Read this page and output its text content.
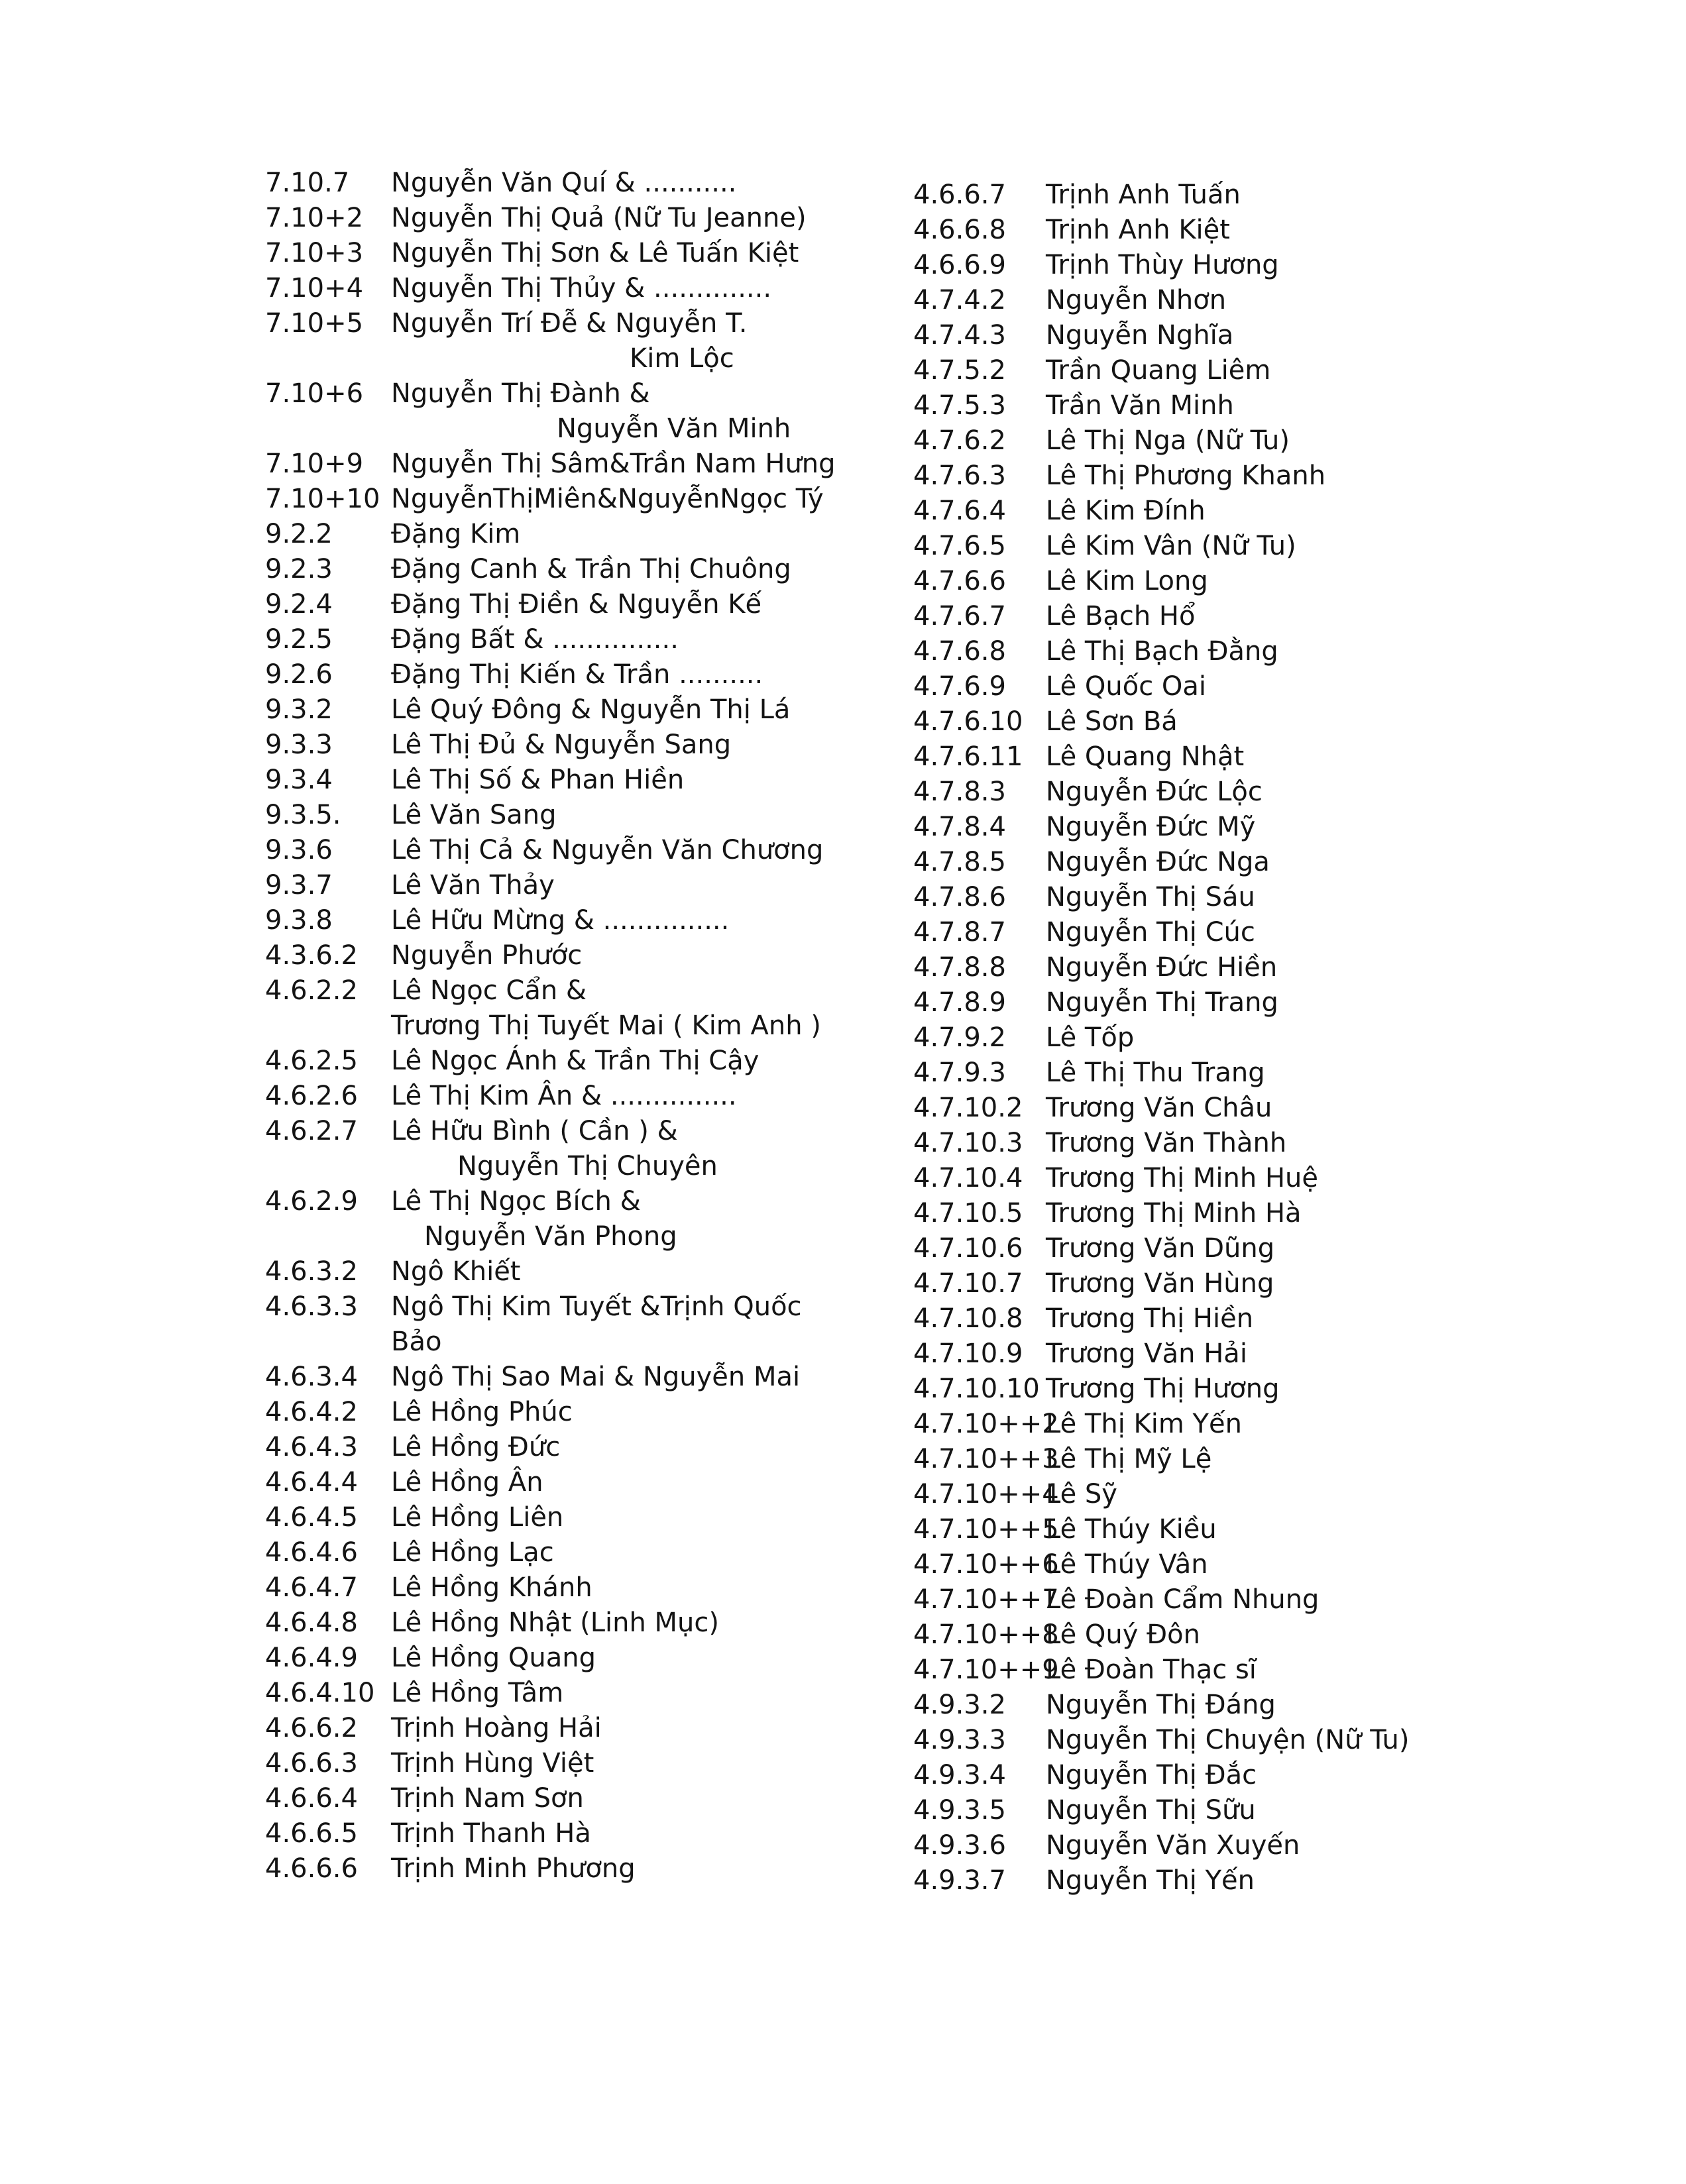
7.10.7 Nguyễn Văn Quí & ...........
7.10+2 Nguyễn Thị Quả (Nữ Tu Jeanne)
7.10+3 Nguyễn Thị Sơn & Lê Tuấn Kiệt
7.10+4 Nguyễn Thị Thủy & ..............
7.10+5 Nguyễn Trí Đễ & Nguyễn T.
Kim Lộc
7.10+6 Nguyễn Thị Đành &
Nguyễn Văn Minh
7.10+9 Nguyễn Thị Sâm&Trần Nam Hưng
7.10+10 NguyễnThịMiên&NguyễnNgọc Tý
9.2.2 Đặng Kim
9.2.3 Đặng Canh & Trần Thị Chuông
9.2.4 Đặng Thị Điền & Nguyễn Kế
9.2.5 Đặng Bất & ...............
9.2.6 Đặng Thị Kiến & Trần ..........
9.3.2 Lê Quý Đông & Nguyễn Thị Lá
9.3.3 Lê Thị Đủ & Nguyễn Sang
9.3.4 Lê Thị Số & Phan Hiền
9.3.5. Lê Văn Sang
9.3.6 Lê Thị Cả & Nguyễn Văn Chương
9.3.7 Lê Văn Thảy
9.3.8 Lê Hữu Mừng & ...............
4.3.6.2 Nguyễn Phước
4.6.2.2 Lê Ngọc Cẩn &
Trương Thị Tuyết Mai ( Kim Anh )
4.6.2.5 Lê Ngọc Ánh & Trần Thị Cậy
4.6.2.6 Lê Thị Kim Ân & ...............
4.6.2.7 Lê Hữu Bình ( Cần ) &
Nguyễn Thị Chuyên
4.6.2.9 Lê Thị Ngọc Bích &
Nguyễn Văn Phong
4.6.3.2 Ngô Khiết
4.6.3.3 Ngô Thị Kim Tuyết &Trịnh Quốc
Bảo
4.6.3.4 Ngô Thị Sao Mai & Nguyễn Mai
4.6.4.2 Lê Hồng Phúc
4.6.4.3 Lê Hồng Đức
4.6.4.4 Lê Hồng Ân
4.6.4.5 Lê Hồng Liên
4.6.4.6 Lê Hồng Lạc
4.6.4.7 Lê Hồng Khánh
4.6.4.8 Lê Hồng Nhật (Linh Mục)
4.6.4.9 Lê Hồng Quang
4.6.4.10 Lê Hồng Tâm
4.6.6.2 Trịnh Hoàng Hải
4.6.6.3 Trịnh Hùng Việt
4.6.6.4 Trịnh Nam Sơn
4.6.6.5 Trịnh Thanh Hà
4.6.6.6 Trịnh Minh Phương
4.6.6.7 Trịnh Anh Tuấn
4.6.6.8 Trịnh Anh Kiệt
4.6.6.9 Trịnh Thùy Hương
4.7.4.2 Nguyễn Nhơn
4.7.4.3 Nguyễn Nghĩa
4.7.5.2 Trần Quang Liêm
4.7.5.3 Trần Văn Minh
4.7.6.2 Lê Thị Nga (Nữ Tu)
4.7.6.3 Lê Thị Phương Khanh
4.7.6.4 Lê Kim Đính
4.7.6.5 Lê Kim Vân (Nữ Tu)
4.7.6.6 Lê Kim Long
4.7.6.7 Lê Bạch Hổ
4.7.6.8 Lê Thị Bạch Đằng
4.7.6.9 Lê Quốc Oai
4.7.6.10 Lê Sơn Bá
4.7.6.11 Lê Quang Nhật
4.7.8.3 Nguyễn Đức Lộc
4.7.8.4 Nguyễn Đức Mỹ
4.7.8.5 Nguyễn Đức Nga
4.7.8.6 Nguyễn Thị Sáu
4.7.8.7 Nguyễn Thị Cúc
4.7.8.8 Nguyễn Đức Hiền
4.7.8.9 Nguyễn Thị Trang
4.7.9.2 Lê Tốp
4.7.9.3 Lê Thị Thu Trang
4.7.10.2 Trương Văn Châu
4.7.10.3 Trương Văn Thành
4.7.10.4 Trương Thị Minh Huệ
4.7.10.5 Trương Thị Minh Hà
4.7.10.6 Trương Văn Dũng
4.7.10.7 Trương Văn Hùng
4.7.10.8 Trương Thị Hiền
4.7.10.9 Trương Văn Hải
4.7.10.10 Trương Thị Hương
4.7.10++2
Lê Thị Kim Yến
4.7.10++3
Lê Thị Mỹ Lệ
4.7.10++4
Lê Sỹ
4.7.10++5
Lê Thúy Kiều
4.7.10++6
Lê Thúy Vân
4.7.10++7
Lê Đoàn Cẩm Nhung
4.7.10++8
Lê Quý Đôn
4.7.10++9
Lê Đoàn Thạc sĩ
4.9.3.2 Nguyễn Thị Đáng
4.9.3.3 Nguyễn Thị Chuyện (Nữ Tu)
4.9.3.4 Nguyễn Thị Đắc
4.9.3.5 Nguyễn Thị Sữu
4.9.3.6 Nguyễn Văn Xuyến
4.9.3.7 Nguyễn Thị Yến
